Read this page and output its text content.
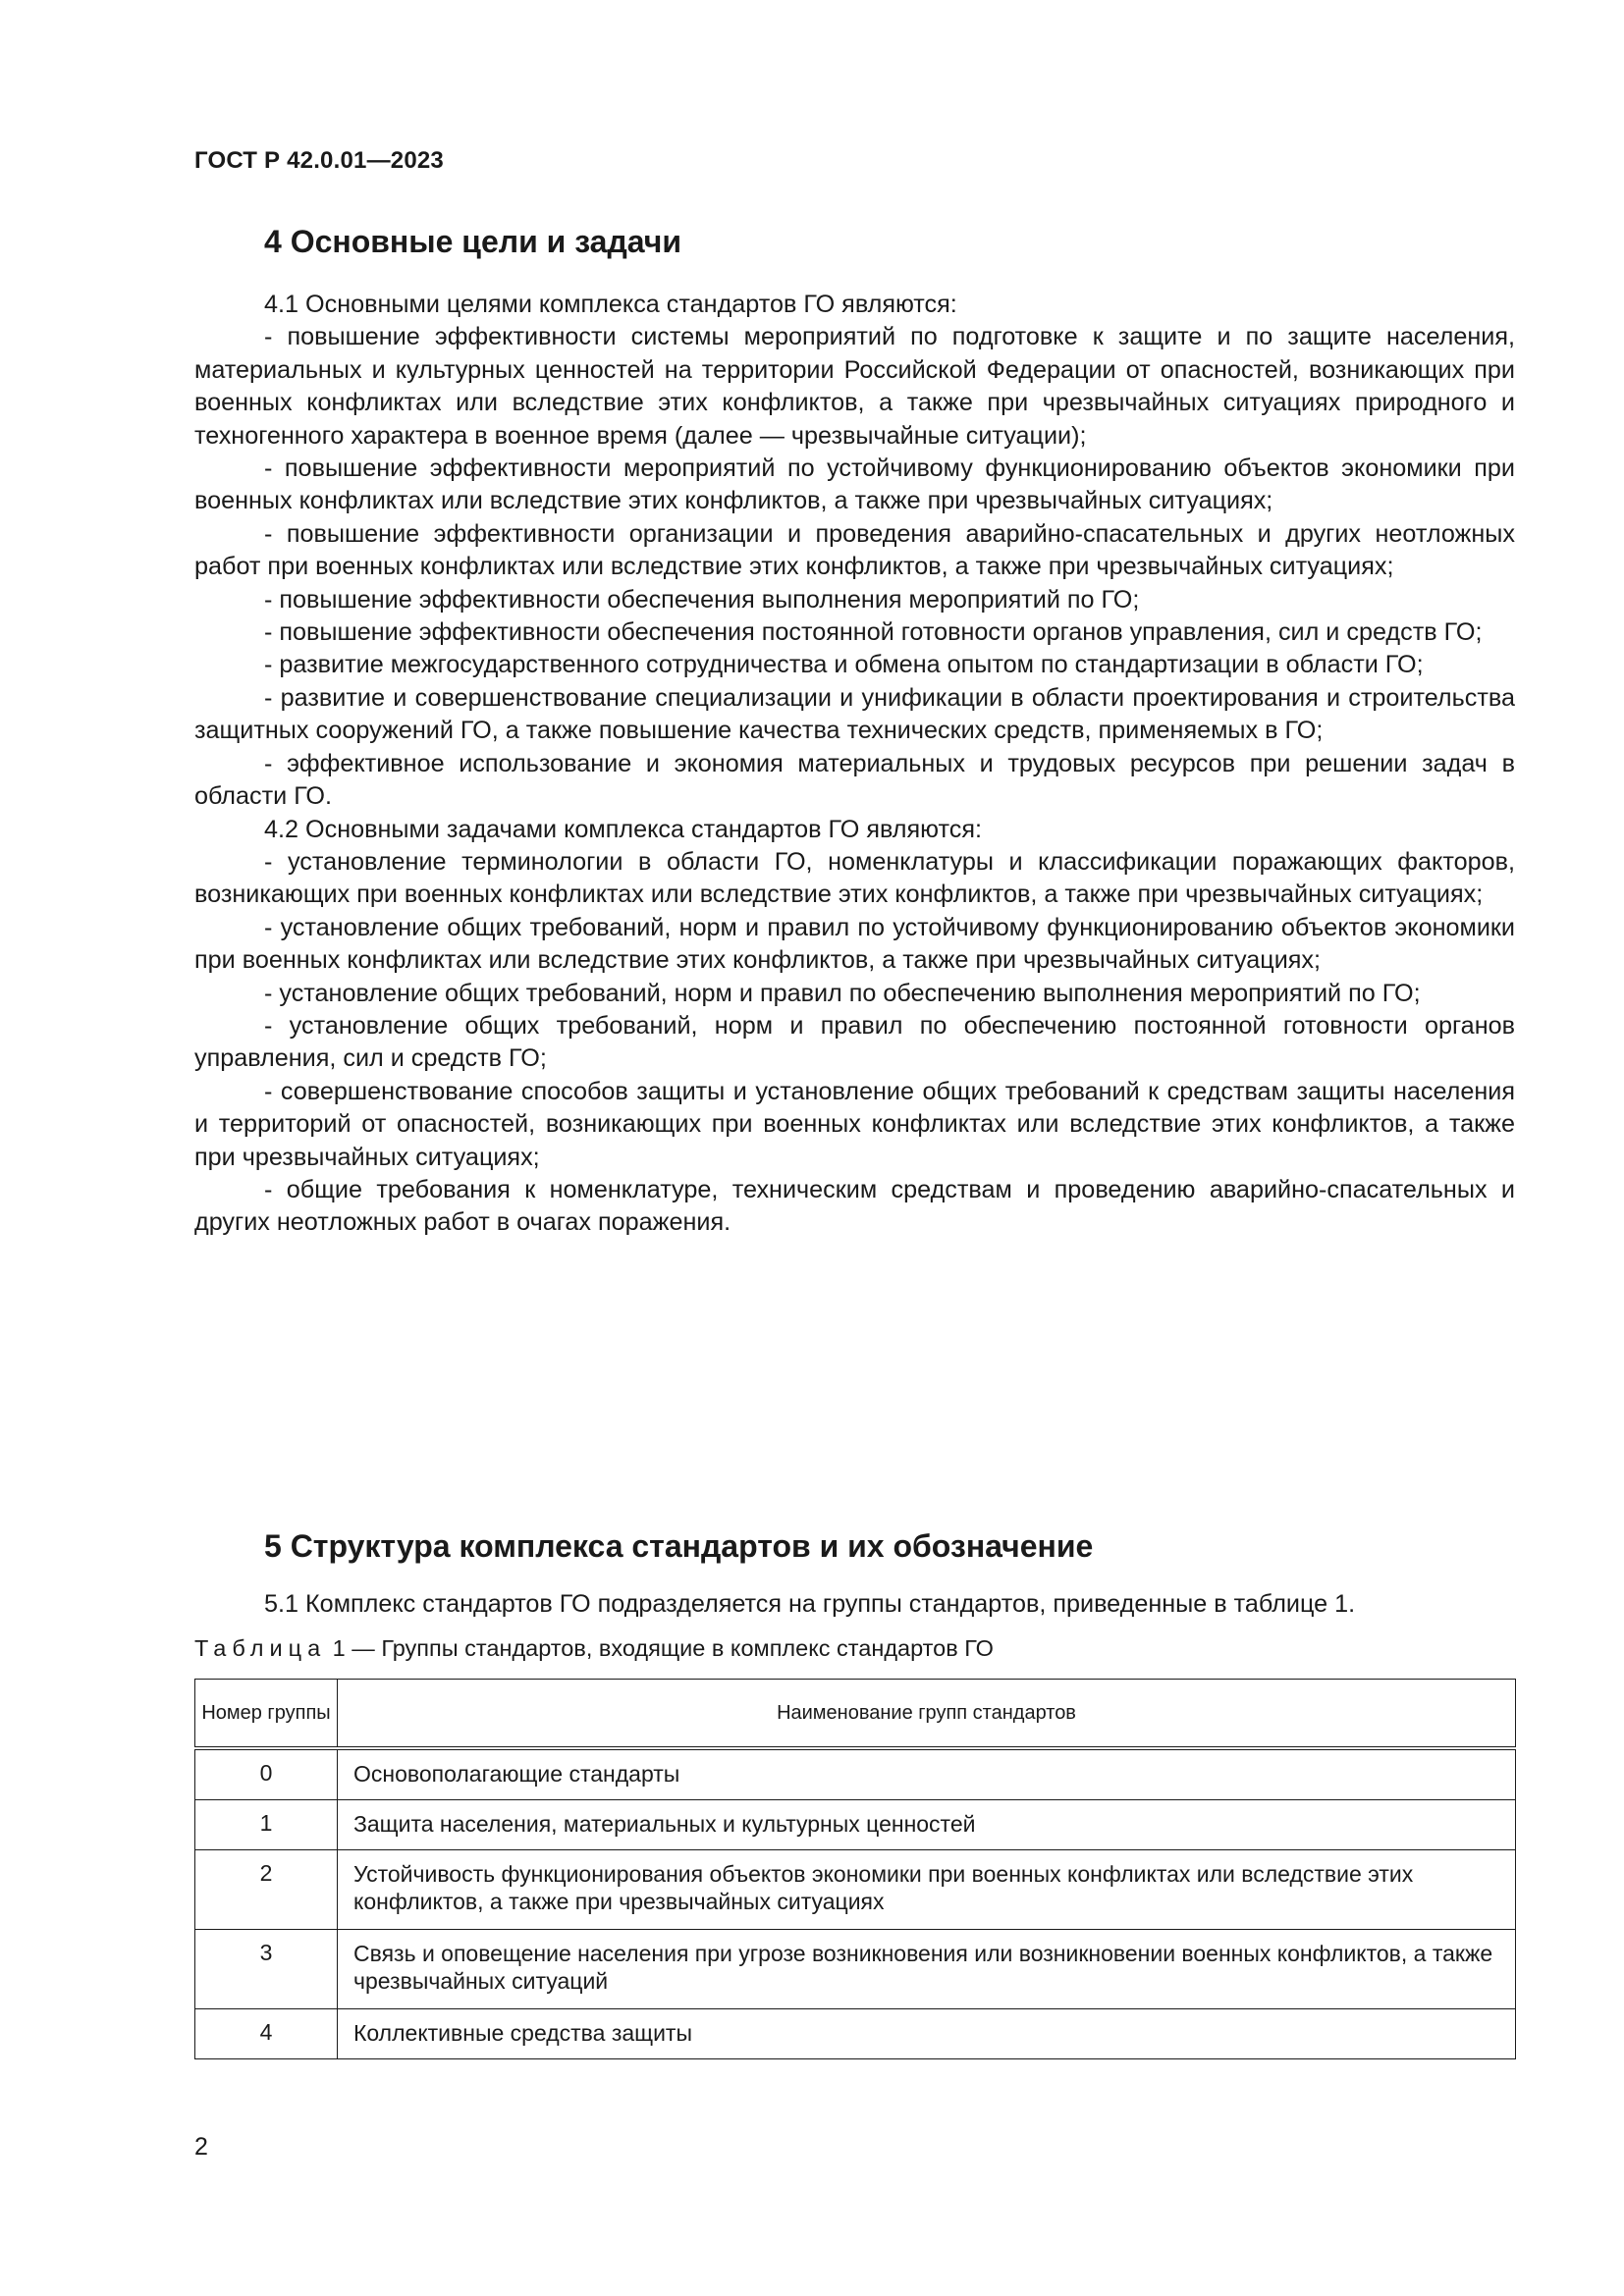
ГОСТ Р 42.0.01—2023
4 Основные цели и задачи

4.1 Основными целями комплекса стандартов ГО являются:

- повышение эффективности системы мероприятий по подготовке к защите и по защите населения, материальных и культурных ценностей на территории Российской Федерации от опасностей, возникающих при военных конфликтах или вследствие этих конфликтов, а также при чрезвычайных ситуациях природного и техногенного характера в военное время (далее — чрезвычайные ситуации);

- повышение эффективности мероприятий по устойчивому функционированию объектов экономики при военных конфликтах или вследствие этих конфликтов, а также при чрезвычайных ситуациях;

- повышение эффективности организации и проведения аварийно-спасательных и других неотложных работ при военных конфликтах или вследствие этих конфликтов, а также при чрезвычайных ситуациях;

- повышение эффективности обеспечения выполнения мероприятий по ГО;

- повышение эффективности обеспечения постоянной готовности органов управления, сил и средств ГО;

- развитие межгосударственного сотрудничества и обмена опытом по стандартизации в области ГО;

- развитие и совершенствование специализации и унификации в области проектирования и строительства защитных сооружений ГО, а также повышение качества технических средств, применяемых в ГО;

- эффективное использование и экономия материальных и трудовых ресурсов при решении задач в области ГО.

4.2 Основными задачами комплекса стандартов ГО являются:

- установление терминологии в области ГО, номенклатуры и классификации поражающих факторов, возникающих при военных конфликтах или вследствие этих конфликтов, а также при чрезвычайных ситуациях;

- установление общих требований, норм и правил по устойчивому функционированию объектов экономики при военных конфликтах или вследствие этих конфликтов, а также при чрезвычайных ситуациях;

- установление общих требований, норм и правил по обеспечению выполнения мероприятий по ГО;

- установление общих требований, норм и правил по обеспечению постоянной готовности органов управления, сил и средств ГО;

- совершенствование способов защиты и установление общих требований к средствам защиты населения и территорий от опасностей, возникающих при военных конфликтах или вследствие этих конфликтов, а также при чрезвычайных ситуациях;

- общие требования к номенклатуре, техническим средствам и проведению аварийно-спасательных и других неотложных работ в очагах поражения.

5 Структура комплекса стандартов и их обозначение

5.1 Комплекс стандартов ГО подразделяется на группы стандартов, приведенные в таблице 1.

Таблица 1 — Группы стандартов, входящие в комплекс стандартов ГО
Номер группы	Наименование групп стандартов
0	Основополагающие стандарты
1	Защита населения, материальных и культурных ценностей
2	Устойчивость функционирования объектов экономики при военных конфликтах или вследствие этих конфликтов, а также при чрезвычайных ситуациях
3	Связь и оповещение населения при угрозе возникновения или возникновении военных конфликтов, а также чрезвычайных ситуаций
4	Коллективные средства защиты
2
